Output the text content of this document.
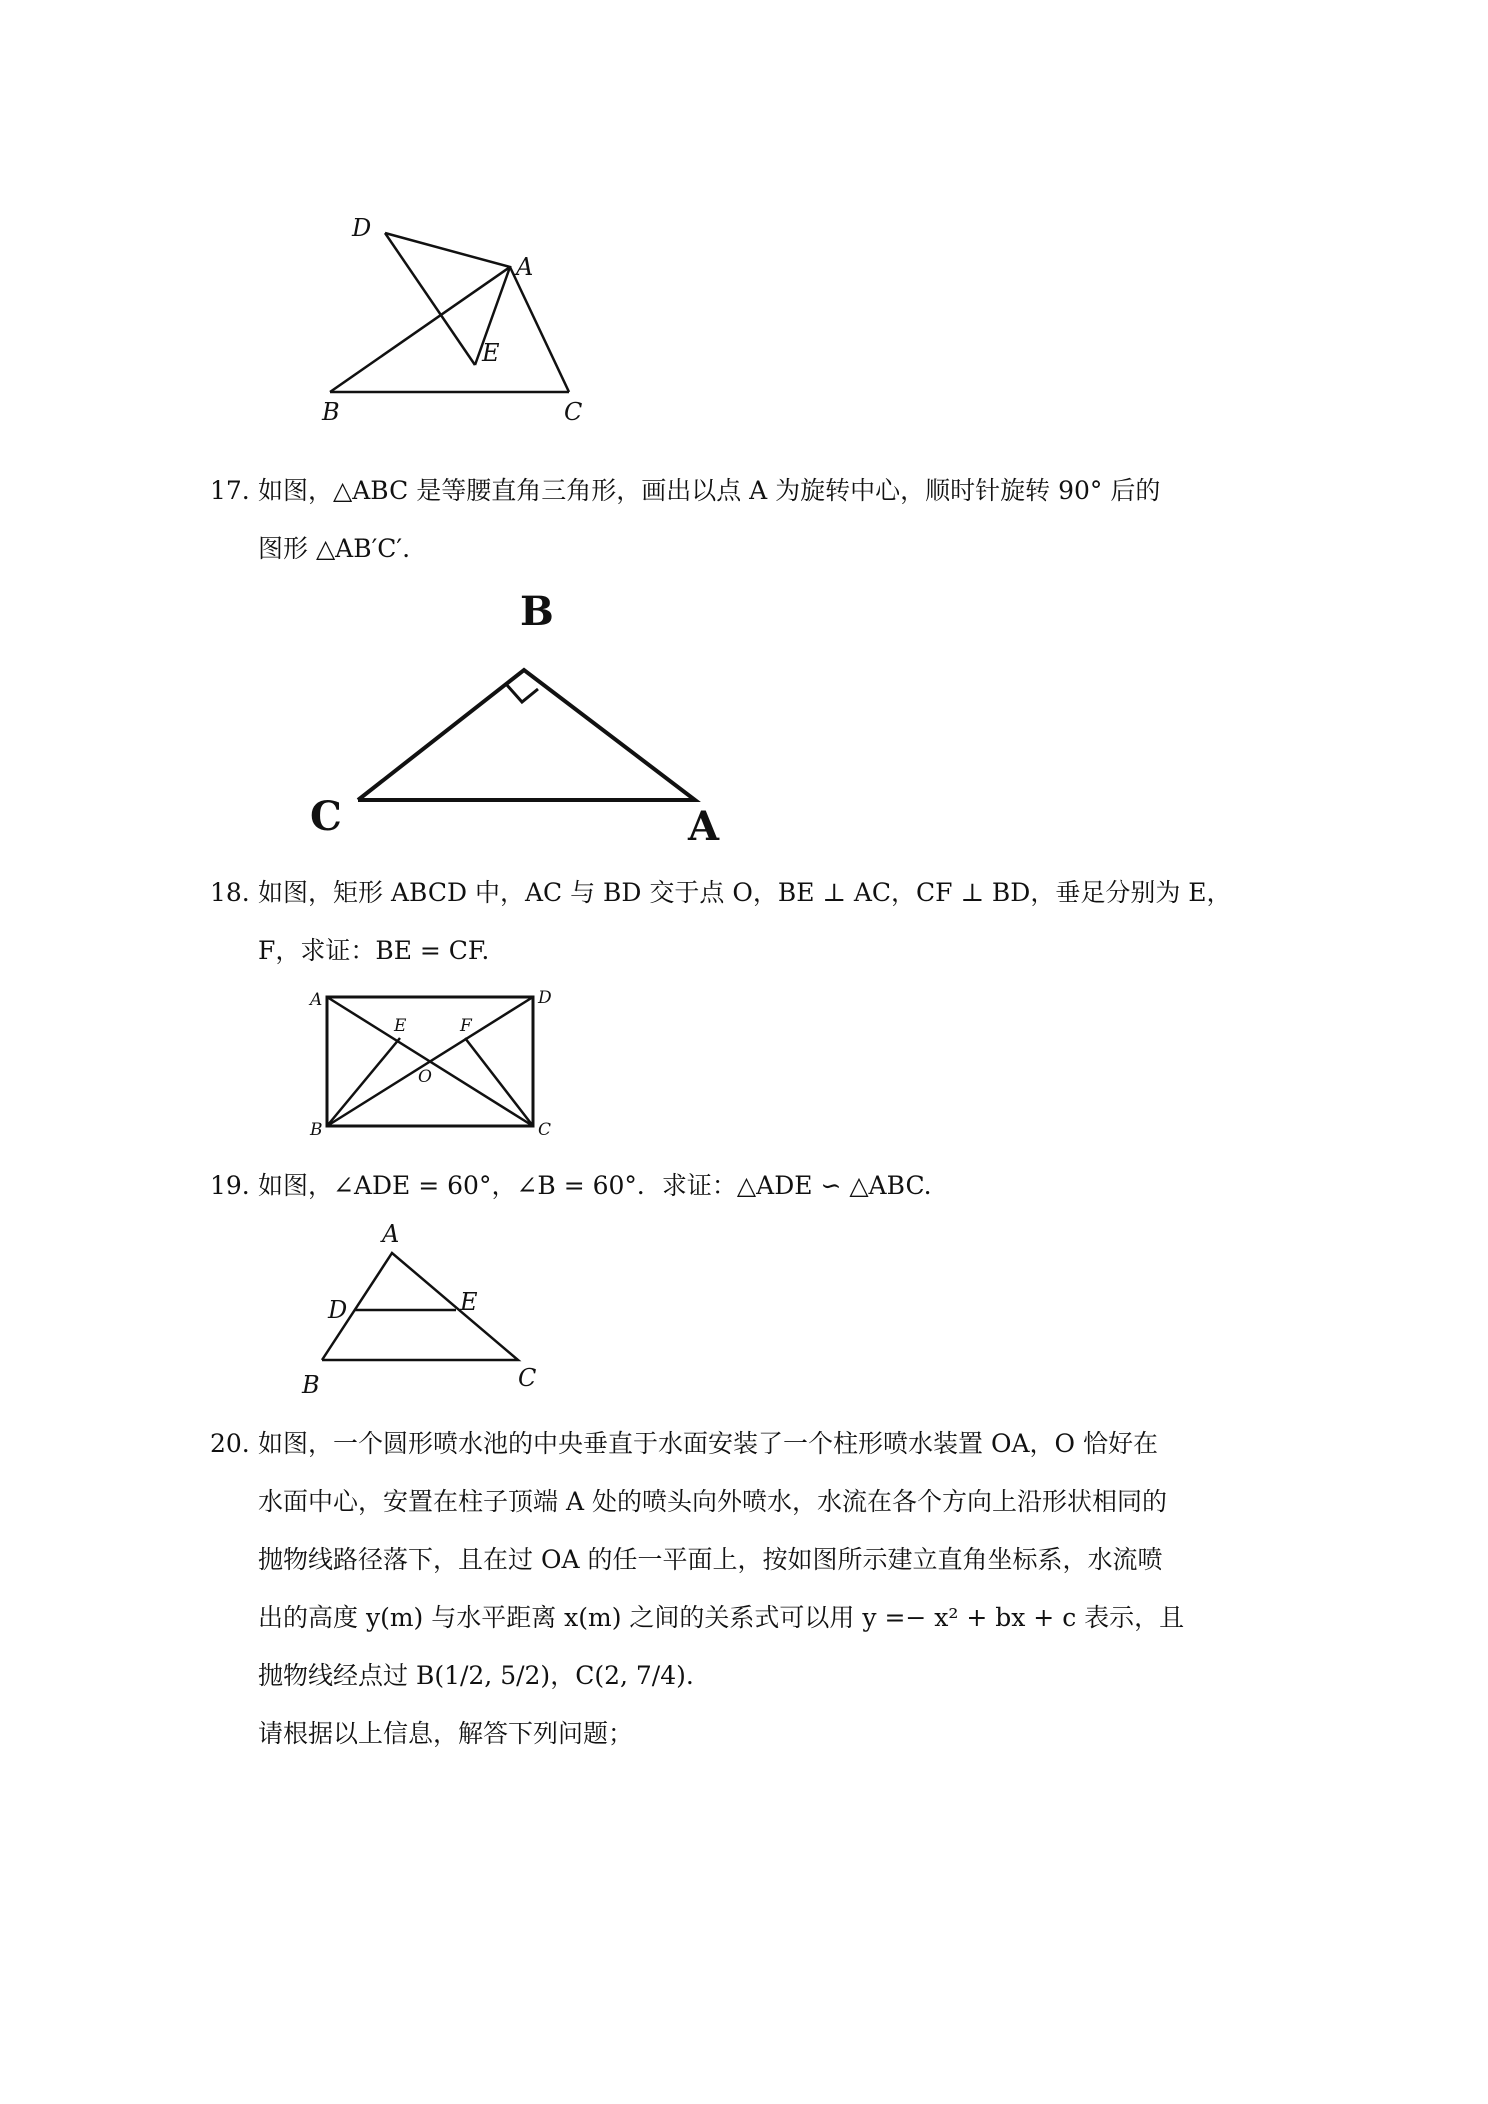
D
A
E
B	C
17. 如图，△ABC 是等腰直角三角形，画出以点 A 为旋转中心，顺时针旋转 90° 后的

图形 △AB′C′.

B
C	A
18. 如图，矩形 ABCD 中，AC 与 BD 交于点 O，BE ⊥ AC，CF ⊥ BD，垂足分别为 E，

F，求证：BE = CF.

A	D
E	F
O
B	C
19. 如图，∠ADE = 60°，∠B = 60°．求证：△ADE ∽ △ABC.

A
D	E
B	C
20. 如图，一个圆形喷水池的中央垂直于水面安装了一个柱形喷水装置 OA，O 恰好在

水面中心，安置在柱子顶端 A 处的喷头向外喷水，水流在各个方向上沿形状相同的

抛物线路径落下，且在过 OA 的任一平面上，按如图所示建立直角坐标系，水流喷

出的高度 y(m) 与水平距离 x(m) 之间的关系式可以用 y =− x² + bx + c 表示，且

抛物线经点过 B(1/2, 5/2)，C(2, 7/4).

请根据以上信息，解答下列问题；
